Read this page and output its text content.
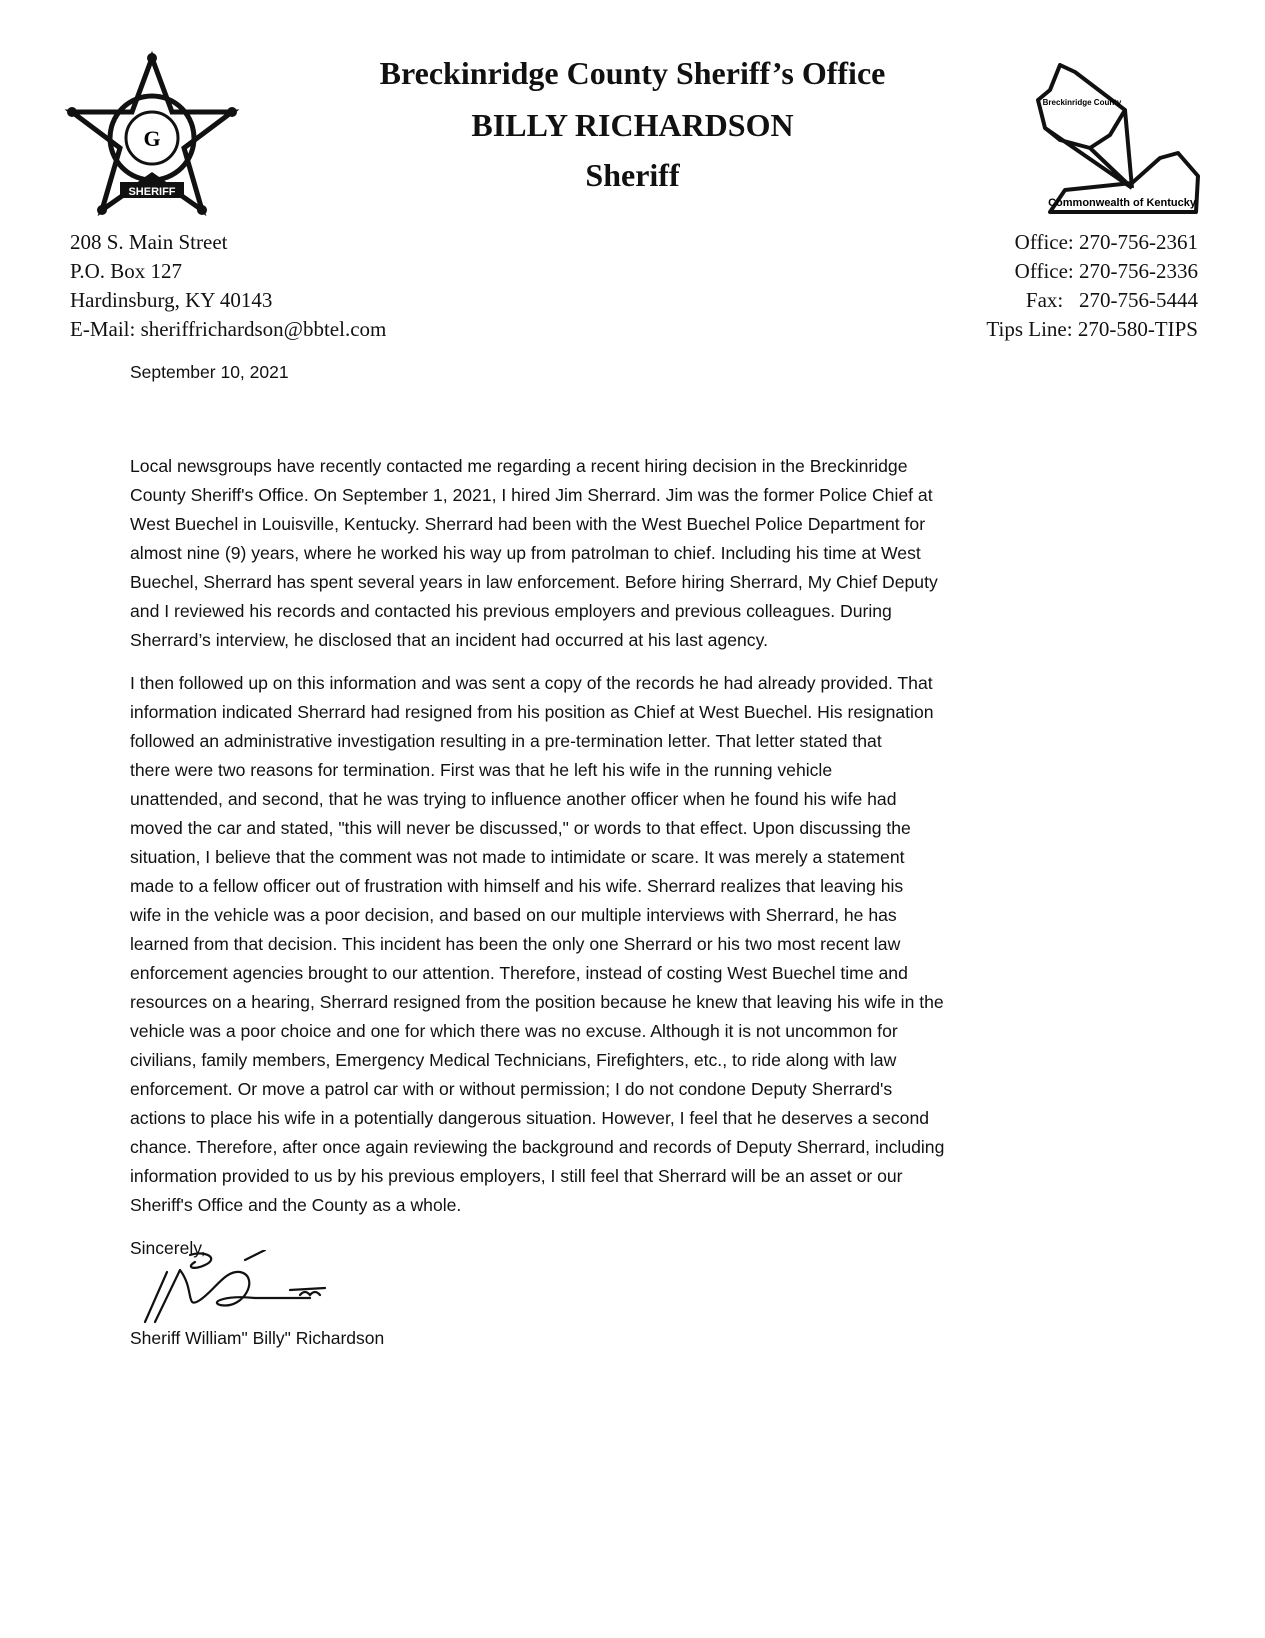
G
SHERIFF
Breckinridge County Sheriff’s Office
BILLY RICHARDSON
Sheriff
Breckinridge County
Commonwealth of Kentucky
208 S. Main Street
P.O. Box 127
Hardinsburg, KY 40143
E-Mail: sheriffrichardson@bbtel.com
Office: 270-756-2361
Office: 270-756-2336
Fax:   270-756-5444
Tips Line: 270-580-TIPS
September 10, 2021
Local newsgroups have recently contacted me regarding a recent hiring decision in the Breckinridge
County Sheriff's Office. On September 1, 2021, I hired Jim Sherrard. Jim was the former Police Chief at
West Buechel in Louisville, Kentucky. Sherrard had been with the West Buechel Police Department for
almost nine (9) years, where he worked his way up from patrolman to chief. Including his time at West
Buechel, Sherrard has spent several years in law enforcement. Before hiring Sherrard, My Chief Deputy
and I reviewed his records and contacted his previous employers and previous colleagues. During
Sherrard’s interview, he disclosed that an incident had occurred at his last agency.
I then followed up on this information and was sent a copy of the records he had already provided. That
information indicated Sherrard had resigned from his position as Chief at West Buechel. His resignation
followed an administrative investigation resulting in a pre-termination letter. That letter stated that
there were two reasons for termination. First was that he left his wife in the running vehicle
unattended, and second, that he was trying to influence another officer when he found his wife had
moved the car and stated, "this will never be discussed," or words to that effect. Upon discussing the
situation, I believe that the comment was not made to intimidate or scare. It was merely a statement
made to a fellow officer out of frustration with himself and his wife. Sherrard realizes that leaving his
wife in the vehicle was a poor decision, and based on our multiple interviews with Sherrard, he has
learned from that decision. This incident has been the only one Sherrard or his two most recent law
enforcement agencies brought to our attention. Therefore, instead of costing West Buechel time and
resources on a hearing, Sherrard resigned from the position because he knew that leaving his wife in the
vehicle was a poor choice and one for which there was no excuse. Although it is not uncommon for
civilians, family members, Emergency Medical Technicians, Firefighters, etc., to ride along with law
enforcement. Or move a patrol car with or without permission; I do not condone Deputy Sherrard's
actions to place his wife in a potentially dangerous situation. However, I feel that he deserves a second
chance. Therefore, after once again reviewing the background and records of Deputy Sherrard, including
information provided to us by his previous employers, I still feel that Sherrard will be an asset or our
Sheriff's Office and the County as a whole.
Sincerely,
Sheriff William" Billy" Richardson
